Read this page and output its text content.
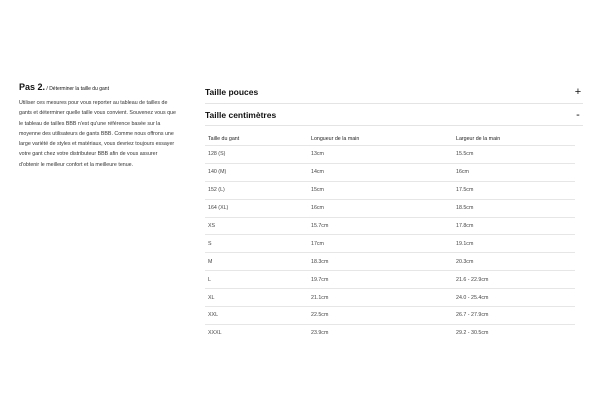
Pas 2. / Déterminer la taille du gant
Utiliser ces mesures pour vous reporter au tableau de tailles de gants et déterminer quelle taille vous convient. Souvenez vous que le tableau de tailles BBB n'est qu'une référence basée sur la moyenne des utilisateurs de gants BBB. Comme nous offrons une large variété de styles et matériaux, vous devriez toujours essayer votre gant chez votre distributeur BBB afin de vous assurer d'obtenir le meilleur confort et la meilleure tenue.
Taille pouces	+
Taille centimètres	-
Taille du gant	Longueur de la main	Largeur de la main
128 (S)	13cm	15.5cm
140 (M)	14cm	16cm
152 (L)	15cm	17.5cm
164 (XL)	16cm	18.5cm
XS	15.7cm	17.8cm
S	17cm	19.1cm
M	18.3cm	20.3cm
L	19.7cm	21.6 - 22.9cm
XL	21.1cm	24.0 - 25.4cm
XXL	22.5cm	26.7 - 27.9cm
XXXL	23.9cm	29.2 - 30.5cm
